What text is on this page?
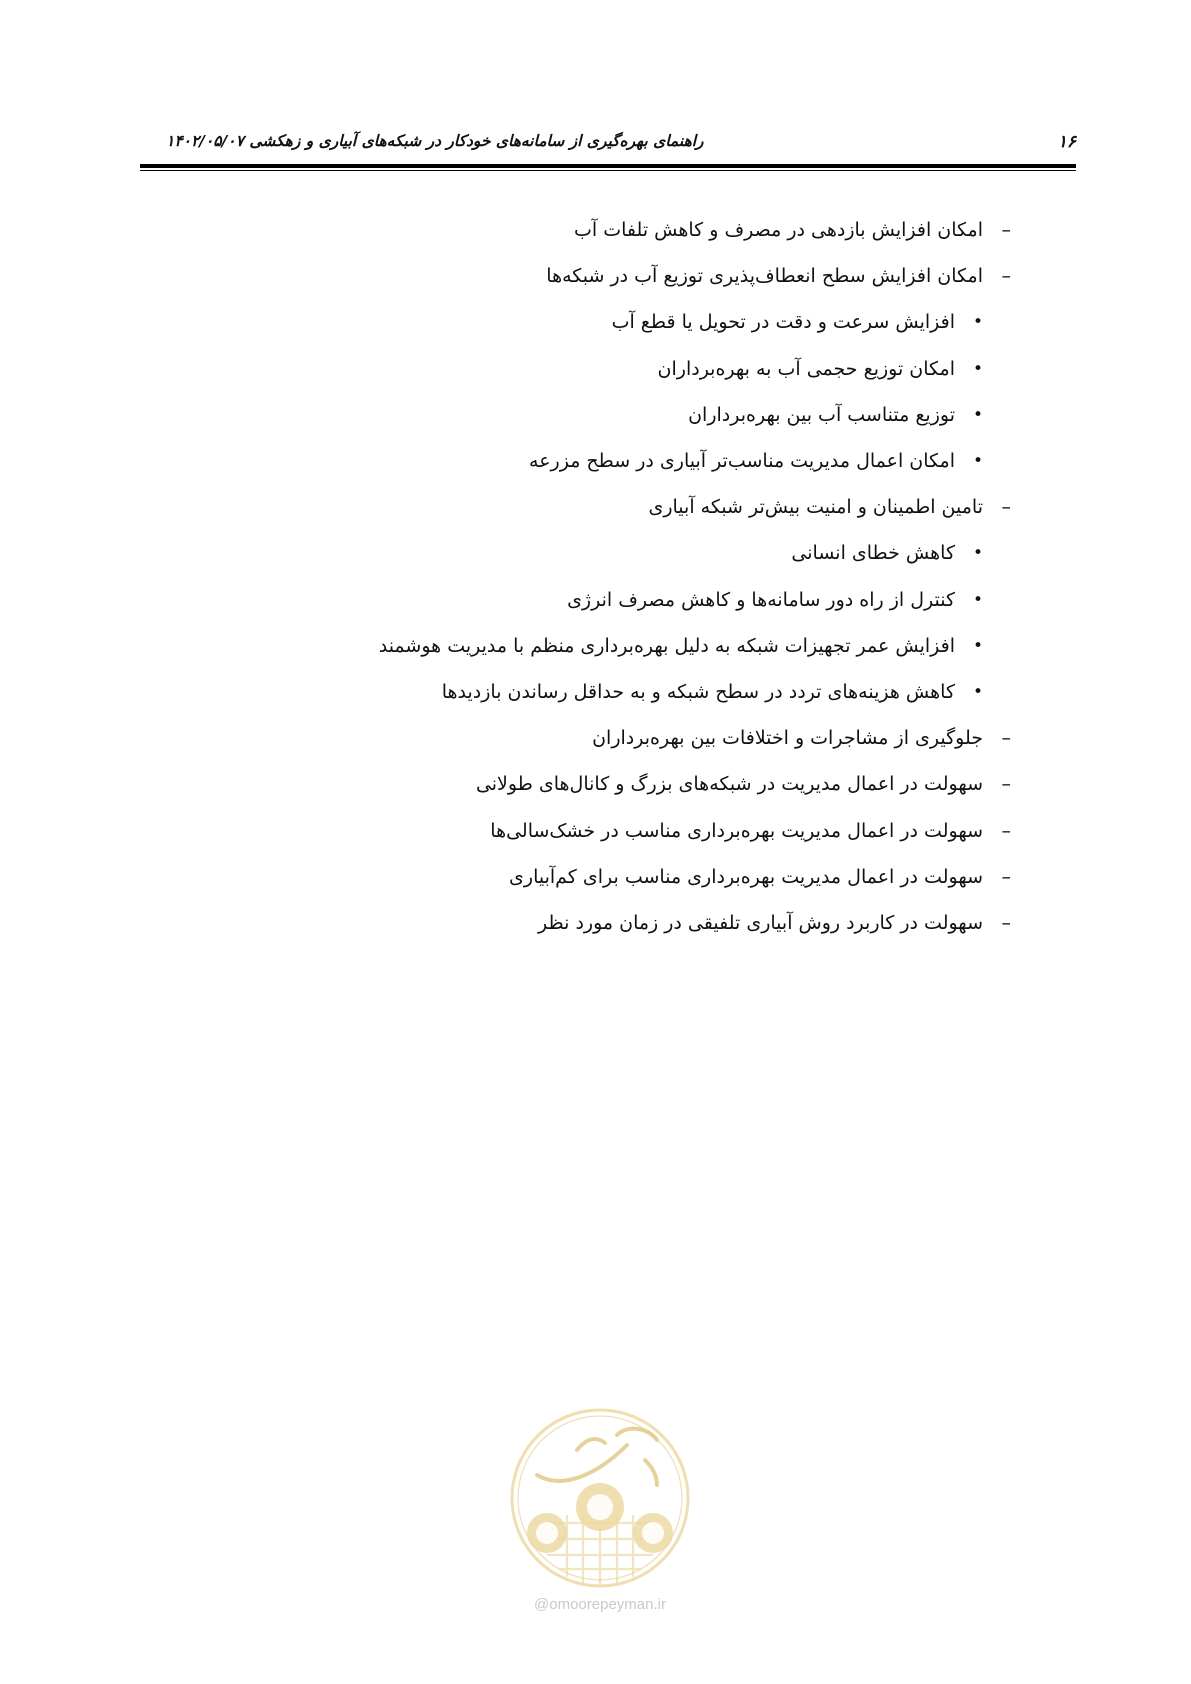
۱۶
راهنمای بهره‌گیری از سامانه‌های خودکار در شبکه‌های آبیاری و زهکشی ۱۴۰۲/۰۵/۰۷
–
امکان افزایش بازدهی در مصرف و کاهش تلفات آب
–
امکان افزایش سطح انعطاف‌پذیری توزیع آب در شبکه‌ها
•
افزایش سرعت و دقت در تحویل یا قطع آب
•
امکان توزیع حجمی آب به بهره‌برداران
•
توزیع متناسب آب بین بهره‌برداران
•
امکان اعمال مدیریت مناسب‌تر آبیاری در سطح مزرعه
–
تامین اطمینان و امنیت بیش‌تر شبکه آبیاری
•
کاهش خطای انسانی
•
کنترل از راه دور سامانه‌ها و کاهش مصرف انرژی
•
افزایش عمر تجهیزات شبکه به دلیل بهره‌برداری منظم با مدیریت هوشمند
•
کاهش هزینه‌های تردد در سطح شبکه و به حداقل رساندن بازدیدها
–
جلوگیری از مشاجرات و اختلافات بین بهره‌برداران
–
سهولت در اعمال مدیریت در شبکه‌های بزرگ و کانال‌های طولانی
–
سهولت در اعمال مدیریت بهره‌برداری مناسب در خشک‌سالی‌ها
–
سهولت در اعمال مدیریت بهره‌برداری مناسب برای کم‌آبیاری
–
سهولت در کاربرد روش آبیاری تلفیقی در زمان مورد نظر
@omoorepeyman.ir
